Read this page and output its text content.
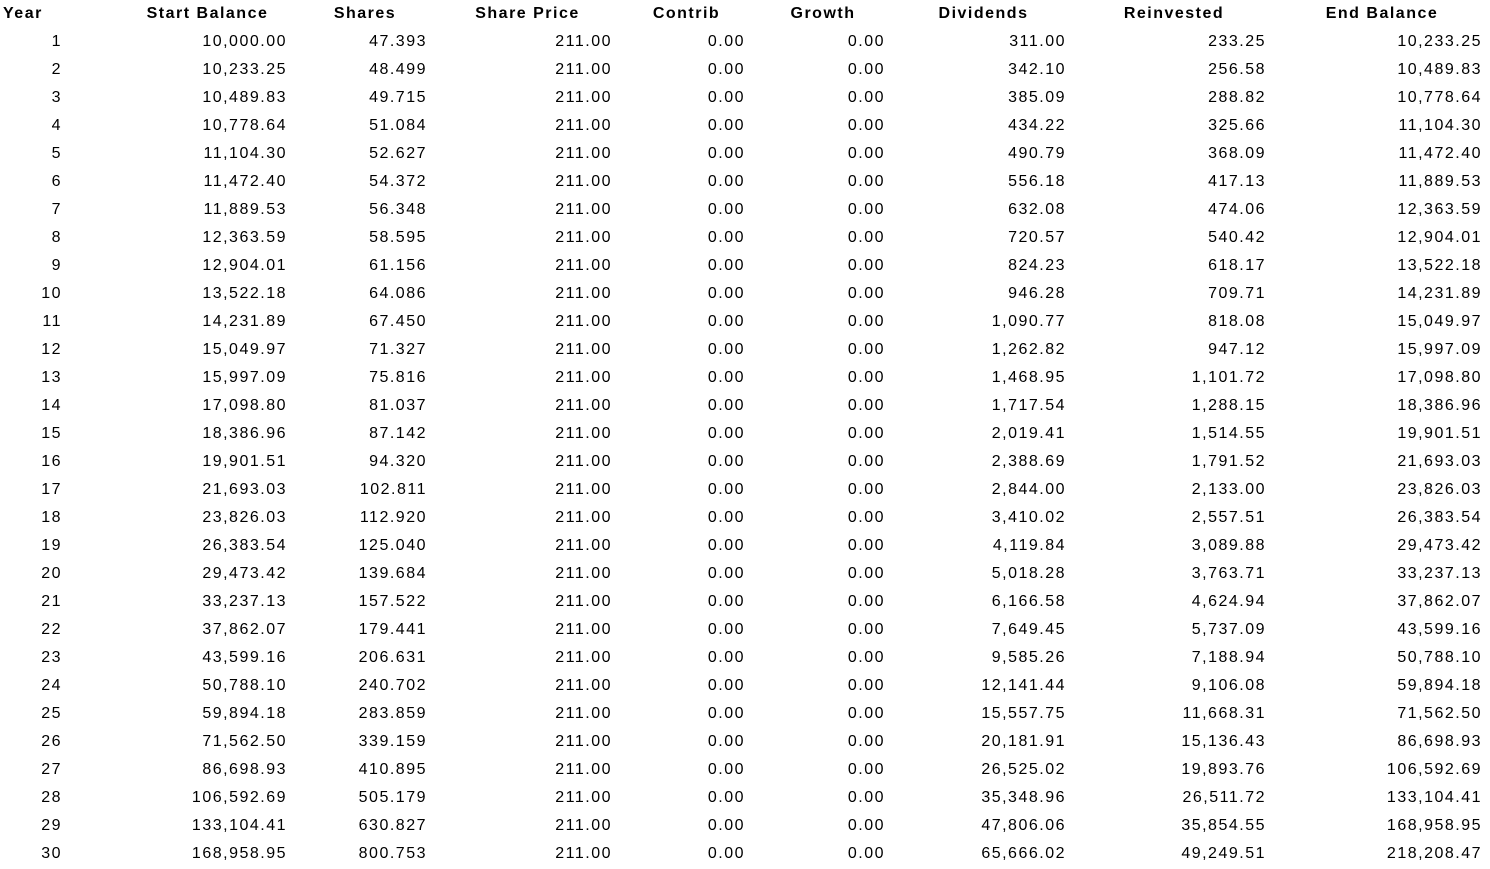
Year	Start Balance	Shares	Share Price	Contrib	Growth	Dividends	Reinvested	End Balance
1	10,000.00	47.393	211.00	0.00	0.00	311.00	233.25	10,233.25
2	10,233.25	48.499	211.00	0.00	0.00	342.10	256.58	10,489.83
3	10,489.83	49.715	211.00	0.00	0.00	385.09	288.82	10,778.64
4	10,778.64	51.084	211.00	0.00	0.00	434.22	325.66	11,104.30
5	11,104.30	52.627	211.00	0.00	0.00	490.79	368.09	11,472.40
6	11,472.40	54.372	211.00	0.00	0.00	556.18	417.13	11,889.53
7	11,889.53	56.348	211.00	0.00	0.00	632.08	474.06	12,363.59
8	12,363.59	58.595	211.00	0.00	0.00	720.57	540.42	12,904.01
9	12,904.01	61.156	211.00	0.00	0.00	824.23	618.17	13,522.18
10	13,522.18	64.086	211.00	0.00	0.00	946.28	709.71	14,231.89
11	14,231.89	67.450	211.00	0.00	0.00	1,090.77	818.08	15,049.97
12	15,049.97	71.327	211.00	0.00	0.00	1,262.82	947.12	15,997.09
13	15,997.09	75.816	211.00	0.00	0.00	1,468.95	1,101.72	17,098.80
14	17,098.80	81.037	211.00	0.00	0.00	1,717.54	1,288.15	18,386.96
15	18,386.96	87.142	211.00	0.00	0.00	2,019.41	1,514.55	19,901.51
16	19,901.51	94.320	211.00	0.00	0.00	2,388.69	1,791.52	21,693.03
17	21,693.03	102.811	211.00	0.00	0.00	2,844.00	2,133.00	23,826.03
18	23,826.03	112.920	211.00	0.00	0.00	3,410.02	2,557.51	26,383.54
19	26,383.54	125.040	211.00	0.00	0.00	4,119.84	3,089.88	29,473.42
20	29,473.42	139.684	211.00	0.00	0.00	5,018.28	3,763.71	33,237.13
21	33,237.13	157.522	211.00	0.00	0.00	6,166.58	4,624.94	37,862.07
22	37,862.07	179.441	211.00	0.00	0.00	7,649.45	5,737.09	43,599.16
23	43,599.16	206.631	211.00	0.00	0.00	9,585.26	7,188.94	50,788.10
24	50,788.10	240.702	211.00	0.00	0.00	12,141.44	9,106.08	59,894.18
25	59,894.18	283.859	211.00	0.00	0.00	15,557.75	11,668.31	71,562.50
26	71,562.50	339.159	211.00	0.00	0.00	20,181.91	15,136.43	86,698.93
27	86,698.93	410.895	211.00	0.00	0.00	26,525.02	19,893.76	106,592.69
28	106,592.69	505.179	211.00	0.00	0.00	35,348.96	26,511.72	133,104.41
29	133,104.41	630.827	211.00	0.00	0.00	47,806.06	35,854.55	168,958.95
30	168,958.95	800.753	211.00	0.00	0.00	65,666.02	49,249.51	218,208.47
